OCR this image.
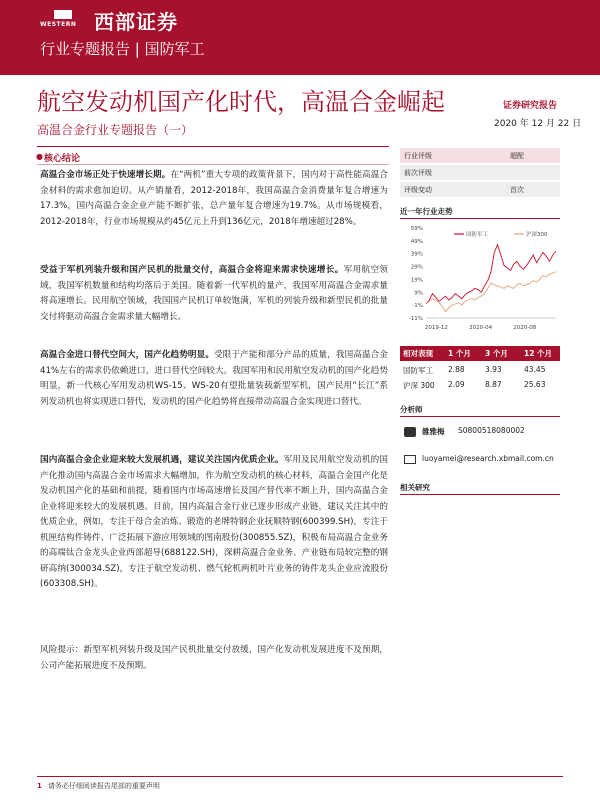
WESTERN 西部证券
行业专题报告 | 国防军工
航空发动机国产化时代，高温合金崛起	证券研究报告
2020 年 12 月 22 日
高温合金行业专题报告（一）
● 核心结论
高温合金市场正处于快速增长期。在“两机”重大专项的政策背景下，国内对于高性能高温合金材料的需求愈加迫切。从产销量看，2012-2018年，我国高温合金消费量年复合增速为17.3%，国内高温合金企业产能不断扩张，总产量年复合增速为19.7%。从市场规模看，2012-2018年，行业市场规模从约45亿元上升到136亿元，2018年增速超过28%。
受益于军机列装升级和国产民机的批量交付，高温合金将迎来需求快速增长。军用航空领域，我国军机数量和结构均落后于美国。随着新一代军机的量产，我国军用高温合金需求量将高速增长。民用航空领域，我国国产民机订单较饱满，军机的列装升级和新型民机的批量交付将驱动高温合金需求量大幅增长。
高温合金进口替代空间大，国产化趋势明显。受限于产能和部分产品的质量，我国高温合金41%左右的需求仍依赖进口，进口替代空间较大。我国军用和民用航空发动机的国产化趋势明显，新一代核心军用发动机WS-15、WS-20有望批量装载新型军机，国产民用“长江”系列发动机也将实现进口替代，发动机的国产化趋势将直接带动高温合金实现进口替代。
国内高温合金企业迎来较大发展机遇，建议关注国内优质企业。军用及民用航空发动机的国产化推动国内高温合金市场需求大幅增加，作为航空发动机的核心材料，高温合金国产化是发动机国产化的基础和前提，随着国内市场高速增长及国产替代率不断上升，国内高温合金企业将迎来较大的发展机遇。目前，国内高温合金行业已逐步形成产业链，建议关注其中的优质企业，例如，专注于母合金冶炼、锻造的老牌特钢企业抚顺特钢(600399.SH)，专注于机匣结构件铸件、广泛拓展下游应用领域的图南股份(300855.SZ)，积极布局高温合金业务的高端钛合金龙头企业西部超导(688122.SH)，深耕高温合金业务、产业链布局较完整的钢研高纳(300034.SZ)，专注于航空发动机、燃气轮机两机叶片业务的铸件龙头企业应流股份(603308.SH)。
风险提示：新型军机列装升级及国产民机批量交付放缓，国产化发动机发展进度不及预期，公司产能拓展进度不及预期。
行业评级	超配
前次评级
评级变动	首次
近一年行业走势
-11%
-1%
9%
19%
29%
39%
49%
59%
2019-12	2020-04	2020-08
国防军工	沪深300
相对表现 1 个月 3 个月 12 个月
国防军工 2.88	3.93	43.45
沪深 300 2.09	8.87	25.63
分析师
雒雅梅 S0800518080002
luoyamei@research.xbmail.com.cn
相关研究
1 请务必仔细阅读报告尾部的重要声明
